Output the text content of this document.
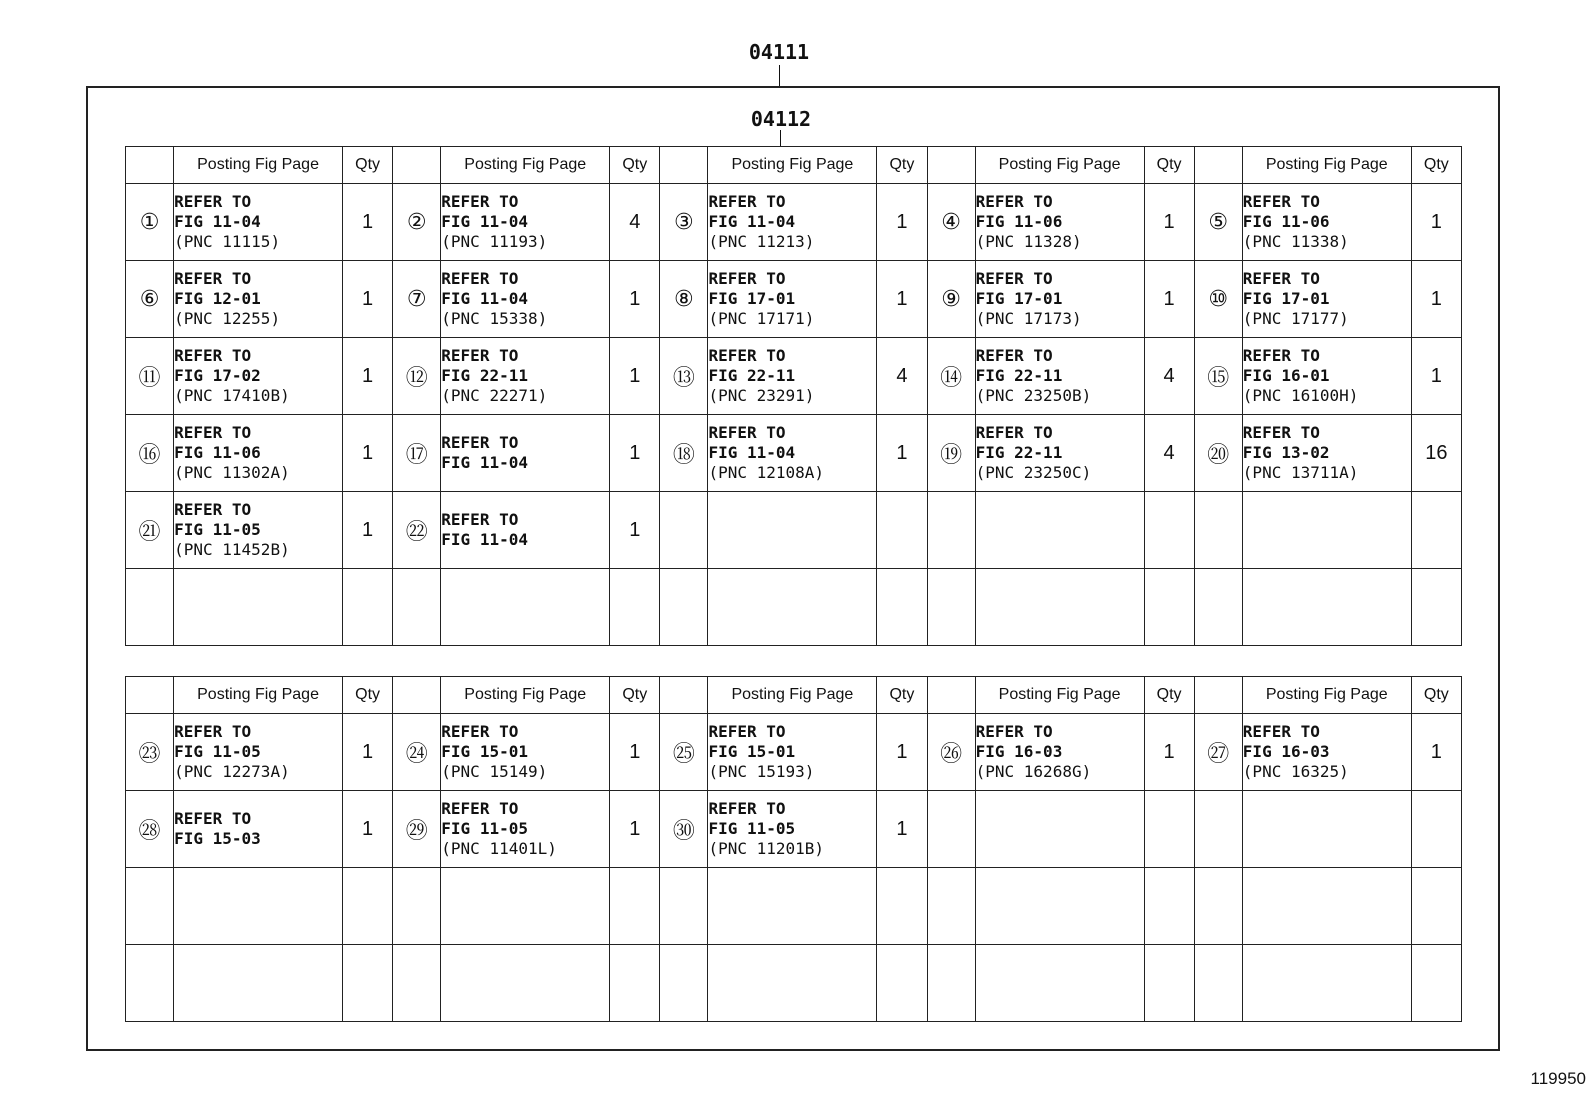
04111
04112
	Posting Fig Page	Qty		Posting Fig Page	Qty		Posting Fig Page	Qty		Posting Fig Page	Qty		Posting Fig Page	Qty
①	REFER TO
FIG 11-04
(PNC 11115)	1	②	REFER TO
FIG 11-04
(PNC 11193)	4	③	REFER TO
FIG 11-04
(PNC 11213)	1	④	REFER TO
FIG 11-06
(PNC 11328)	1	⑤	REFER TO
FIG 11-06
(PNC 11338)	1
⑥	REFER TO
FIG 12-01
(PNC 12255)	1	⑦	REFER TO
FIG 11-04
(PNC 15338)	1	⑧	REFER TO
FIG 17-01
(PNC 17171)	1	⑨	REFER TO
FIG 17-01
(PNC 17173)	1	⑩	REFER TO
FIG 17-01
(PNC 17177)	1
⑪	REFER TO
FIG 17-02
(PNC 17410B)	1	⑫	REFER TO
FIG 22-11
(PNC 22271)	1	⑬	REFER TO
FIG 22-11
(PNC 23291)	4	⑭	REFER TO
FIG 22-11
(PNC 23250B)	4	⑮	REFER TO
FIG 16-01
(PNC 16100H)	1
⑯	REFER TO
FIG 11-06
(PNC 11302A)	1	⑰	REFER TO
FIG 11-04	1	⑱	REFER TO
FIG 11-04
(PNC 12108A)	1	⑲	REFER TO
FIG 22-11
(PNC 23250C)	4	⑳	REFER TO
FIG 13-02
(PNC 13711A)	16
㉑	REFER TO
FIG 11-05
(PNC 11452B)	1	㉒	REFER TO
FIG 11-04	1		

	Posting Fig Page	Qty		Posting Fig Page	Qty		Posting Fig Page	Qty		Posting Fig Page	Qty		Posting Fig Page	Qty
㉓	REFER TO
FIG 11-05
(PNC 12273A)	1	㉔	REFER TO
FIG 15-01
(PNC 15149)	1	㉕	REFER TO
FIG 15-01
(PNC 15193)	1	㉖	REFER TO
FIG 16-03
(PNC 16268G)	1	㉗	REFER TO
FIG 16-03
(PNC 16325)	1
㉘	REFER TO
FIG 15-03	1	㉙	REFER TO
FIG 11-05
(PNC 11401L)	1	㉚	REFER TO
FIG 11-05
(PNC 11201B)	1		

119950
